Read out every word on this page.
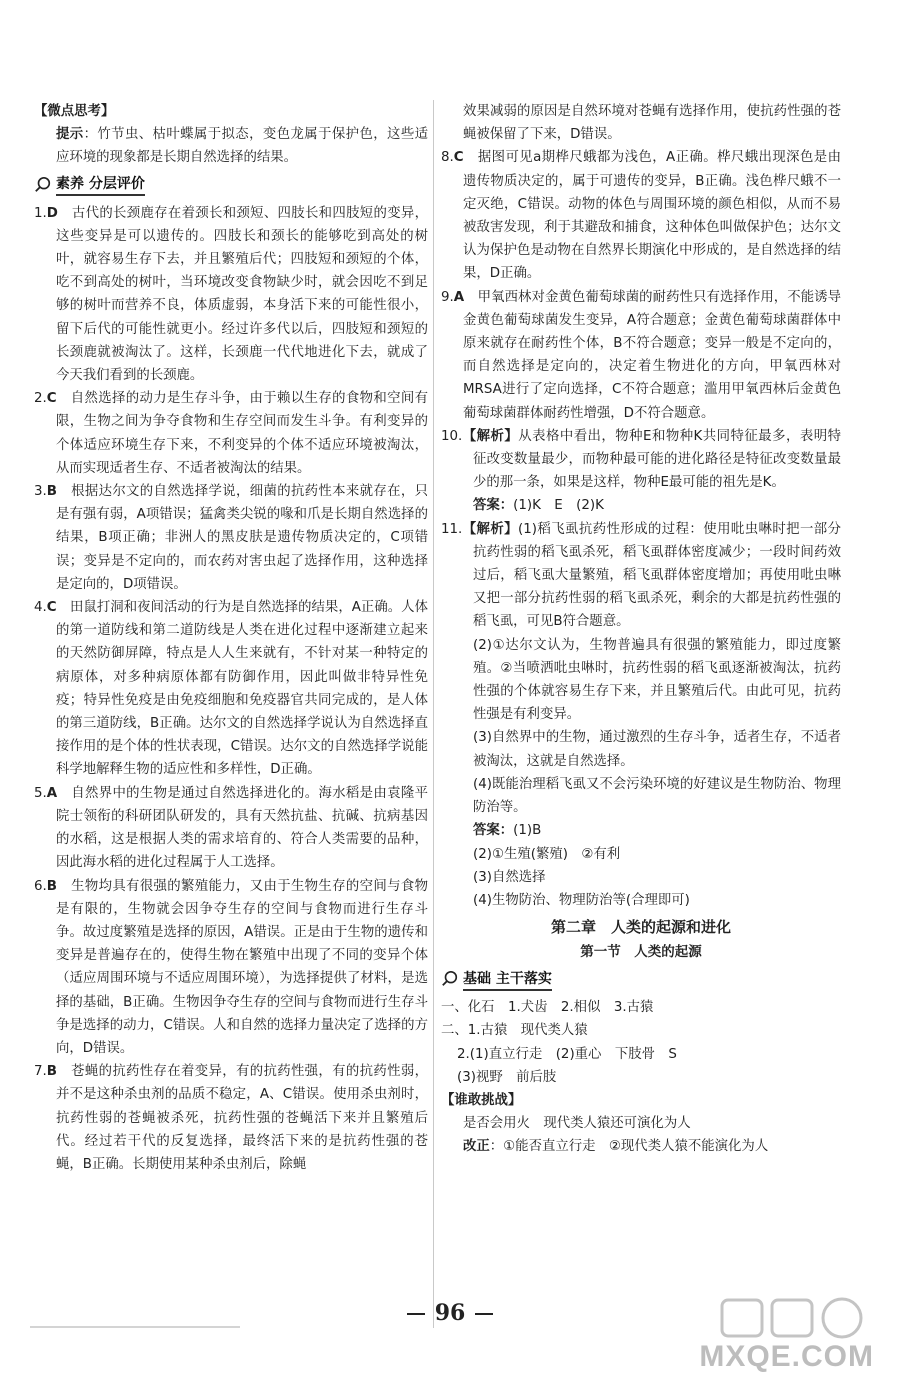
【微点思考】

提示：竹节虫、枯叶蝶属于拟态，变色龙属于保护色，这些适应环境的现象都是长期自然选择的结果。

素养 分层评价

1.D　古代的长颈鹿存在着颈长和颈短、四肢长和四肢短的变异，这些变异是可以遗传的。四肢长和颈长的能够吃到高处的树叶，就容易生存下去，并且繁殖后代；四肢短和颈短的个体，吃不到高处的树叶，当环境改变食物缺少时，就会因吃不到足够的树叶而营养不良，体质虚弱，本身活下来的可能性很小，留下后代的可能性就更小。经过许多代以后，四肢短和颈短的长颈鹿就被淘汰了。这样，长颈鹿一代代地进化下去，就成了今天我们看到的长颈鹿。

2.C　自然选择的动力是生存斗争，由于赖以生存的食物和空间有限，生物之间为争夺食物和生存空间而发生斗争。有利变异的个体适应环境生存下来，不利变异的个体不适应环境被淘汰，从而实现适者生存、不适者被淘汰的结果。

3.B　根据达尔文的自然选择学说，细菌的抗药性本来就存在，只是有强有弱，A项错误；猛禽类尖锐的喙和爪是长期自然选择的结果，B项正确；非洲人的黑皮肤是遗传物质决定的，C项错误；变异是不定向的，而农药对害虫起了选择作用，这种选择是定向的，D项错误。

4.C　田鼠打洞和夜间活动的行为是自然选择的结果，A正确。人体的第一道防线和第二道防线是人类在进化过程中逐渐建立起来的天然防御屏障，特点是人人生来就有，不针对某一种特定的病原体，对多种病原体都有防御作用，因此叫做非特异性免疫；特异性免疫是由免疫细胞和免疫器官共同完成的，是人体的第三道防线，B正确。达尔文的自然选择学说认为自然选择直接作用的是个体的性状表现，C错误。达尔文的自然选择学说能科学地解释生物的适应性和多样性，D正确。

5.A　自然界中的生物是通过自然选择进化的。海水稻是由袁隆平院士领衔的科研团队研发的，具有天然抗盐、抗碱、抗病基因的水稻，这是根据人类的需求培育的、符合人类需要的品种，因此海水稻的进化过程属于人工选择。

6.B　生物均具有很强的繁殖能力，又由于生物生存的空间与食物是有限的，生物就会因争夺生存的空间与食物而进行生存斗争。故过度繁殖是选择的原因，A错误。正是由于生物的遗传和变异是普遍存在的，使得生物在繁殖中出现了不同的变异个体（适应周围环境与不适应周围环境），为选择提供了材料，是选择的基础，B正确。生物因争夺生存的空间与食物而进行生存斗争是选择的动力，C错误。人和自然的选择力量决定了选择的方向，D错误。

7.B　苍蝇的抗药性存在着变异，有的抗药性强，有的抗药性弱，并不是这种杀虫剂的品质不稳定，A、C错误。使用杀虫剂时，抗药性弱的苍蝇被杀死，抗药性强的苍蝇活下来并且繁殖后代。经过若干代的反复选择，最终活下来的是抗药性强的苍蝇，B正确。长期使用某种杀虫剂后，除蝇

效果减弱的原因是自然环境对苍蝇有选择作用，使抗药性强的苍蝇被保留了下来，D错误。

8.C　据图可见a期桦尺蛾都为浅色，A正确。桦尺蛾出现深色是由遗传物质决定的，属于可遗传的变异，B正确。浅色桦尺蛾不一定灭绝，C错误。动物的体色与周围环境的颜色相似，从而不易被敌害发现，利于其避敌和捕食，这种体色叫做保护色；达尔文认为保护色是动物在自然界长期演化中形成的，是自然选择的结果，D正确。

9.A　甲氧西林对金黄色葡萄球菌的耐药性只有选择作用，不能诱导金黄色葡萄球菌发生变异，A符合题意；金黄色葡萄球菌群体中原来就存在耐药性个体，B不符合题意；变异一般是不定向的，而自然选择是定向的，决定着生物进化的方向，甲氧西林对MRSA进行了定向选择，C不符合题意；滥用甲氧西林后金黄色葡萄球菌群体耐药性增强，D不符合题意。

10.【解析】从表格中看出，物种E和物种K共同特征最多，表明特征改变数量最少，而物种最可能的进化路径是特征改变数量最少的那一条，如果是这样，物种E最可能的祖先是K。

答案：(1)K　E　(2)K

11.【解析】(1)稻飞虱抗药性形成的过程：使用吡虫啉时把一部分抗药性弱的稻飞虱杀死，稻飞虱群体密度减少；一段时间药效过后，稻飞虱大量繁殖，稻飞虱群体密度增加；再使用吡虫啉又把一部分抗药性弱的稻飞虱杀死，剩余的大都是抗药性强的稻飞虱，可见B符合题意。

(2)①达尔文认为，生物普遍具有很强的繁殖能力，即过度繁殖。②当喷洒吡虫啉时，抗药性弱的稻飞虱逐渐被淘汰，抗药性强的个体就容易生存下来，并且繁殖后代。由此可见，抗药性强是有利变异。

(3)自然界中的生物，通过激烈的生存斗争，适者生存，不适者被淘汰，这就是自然选择。

(4)既能治理稻飞虱又不会污染环境的好建议是生物防治、物理防治等。

答案：(1)B

(2)①生殖(繁殖)　②有利

(3)自然选择

(4)生物防治、物理防治等(合理即可)

第二章　人类的起源和进化
第一节　人类的起源
基础 主干落实

一、化石　1.犬齿　2.相似　3.古猿

二、1.古猿　现代类人猿

2.(1)直立行走　(2)重心　下肢骨　S

(3)视野　前后肢

【谁敢挑战】

是否会用火　现代类人猿还可演化为人

改正：①能否直立行走　②现代类人猿不能演化为人

96
MXQE.COM
